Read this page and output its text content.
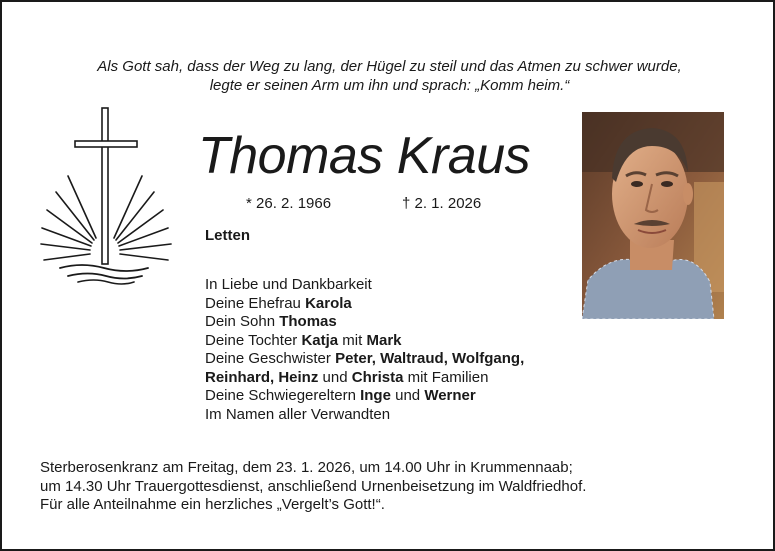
Als Gott sah, dass der Weg zu lang, der Hügel zu steil und das Atmen zu schwer wurde,
legte er seinen Arm um ihn und sprach: „Komm heim.“
Thomas Kraus
* 26. 2. 1966	† 2. 1. 2026
Letten
In Liebe und Dankbarkeit
Deine Ehefrau Karola
Dein Sohn Thomas
Deine Tochter Katja mit Mark
Deine Geschwister Peter, Waltraud, Wolfgang,
Reinhard, Heinz und Christa mit Familien
Deine Schwiegereltern Inge und Werner
Im Namen aller Verwandten
Sterberosenkranz am Freitag, dem 23. 1. 2026, um 14.00 Uhr in Krummennaab;
um 14.30 Uhr Trauergottesdienst, anschließend Urnenbeisetzung im Waldfriedhof.
Für alle Anteilnahme ein herzliches „Vergelt’s Gott!“.
